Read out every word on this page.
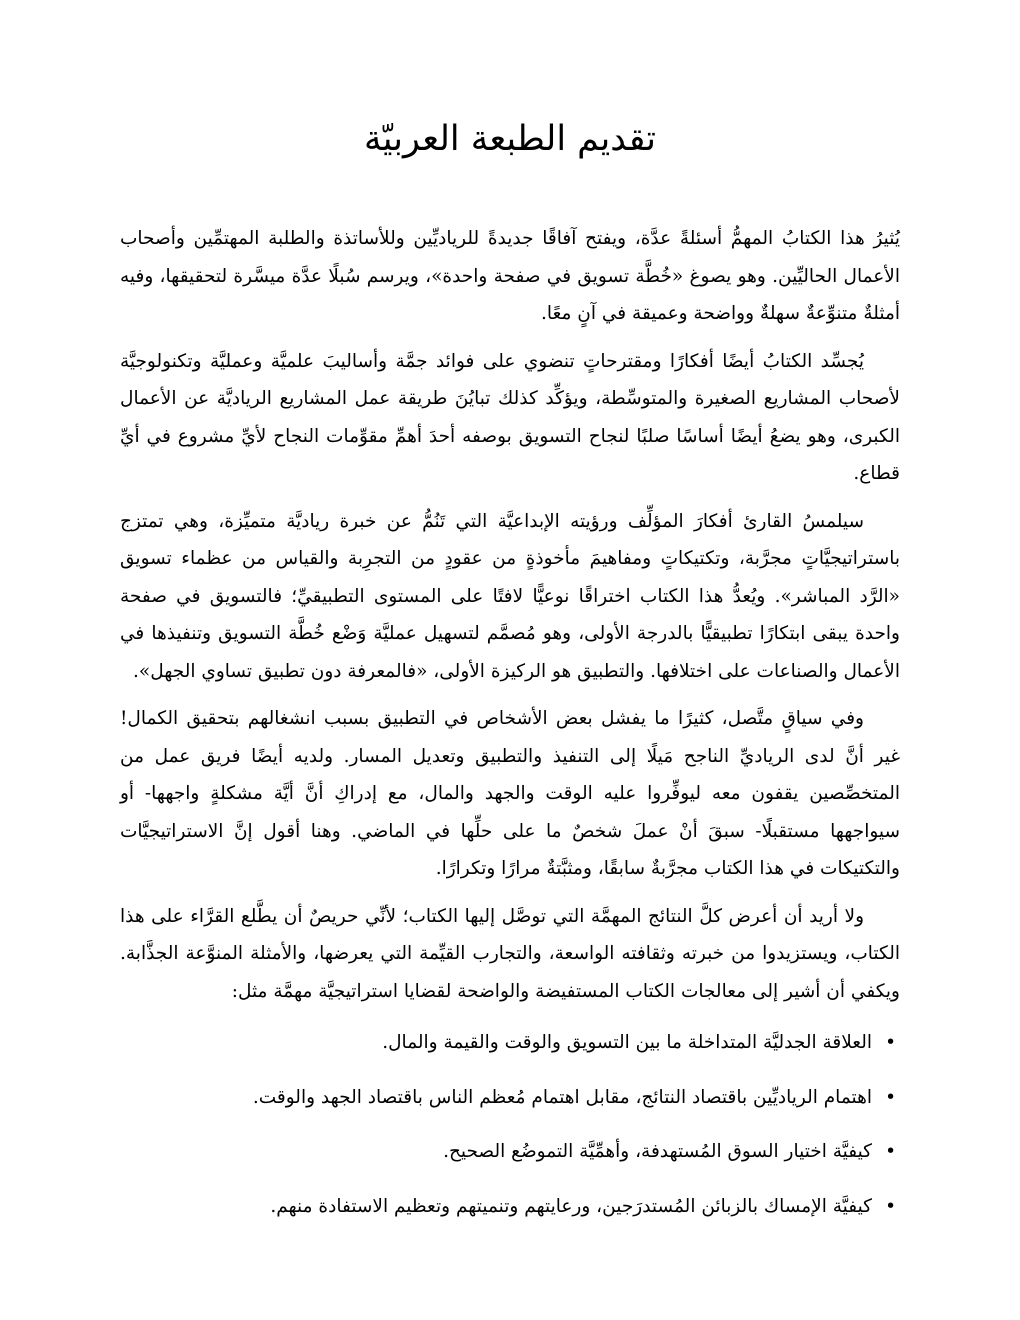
تقديم الطبعة العربيّة

يُثيرُ هذا الكتابُ المهمُّ أسئلةً عدَّة، ويفتح آفاقًا جديدةً للرياديِّين وللأساتذة والطلبة المهتمِّين وأصحاب الأعمال الحاليِّين. وهو يصوغ «خُطَّة تسويق في صفحة واحدة»، ويرسم سُبلًا عدَّة ميسَّرة لتحقيقها، وفيه أمثلةٌ متنوِّعةٌ سهلةٌ وواضحة وعميقة في آنٍ معًا.

يُجسِّد الكتابُ أيضًا أفكارًا ومقترحاتٍ تنضوي على فوائد جمَّة وأساليبَ علميَّة وعمليَّة وتكنولوجيَّة لأصحاب المشاريع الصغيرة والمتوسِّطة، ويؤكِّد كذلك تبايُنَ طريقة عمل المشاريع الرياديَّة عن الأعمال الكبرى، وهو يضعُ أيضًا أساسًا صلبًا لنجاح التسويق بوصفه أحدَ أهمِّ مقوِّمات النجاح لأيِّ مشروع في أيِّ قطاع.

سيلمسُ القارئ أفكارَ المؤلِّف ورؤيته الإبداعيَّة التي تَنُمُّ عن خبرة رياديَّة متميِّزة، وهي تمتزج باستراتيجيَّاتٍ مجرَّبة، وتكتيكاتٍ ومفاهيمَ مأخوذةٍ من عقودٍ من التجرِبة والقياس من عظماء تسويق «الرَّد المباشر». ويُعدُّ هذا الكتاب اختراقًا نوعيًّا لافتًا على المستوى التطبيقيِّ؛ فالتسويق في صفحة واحدة يبقى ابتكارًا تطبيقيًّا بالدرجة الأولى، وهو مُصمَّم لتسهيل عمليَّة وَضْع خُطَّة التسويق وتنفيذها في الأعمال والصناعات على اختلافها. والتطبيق هو الركيزة الأولى، «فالمعرفة دون تطبيق تساوي الجهل».

وفي سياقٍ متَّصل، كثيرًا ما يفشل بعض الأشخاص في التطبيق بسبب انشغالهم بتحقيق الكمال! غير أنَّ لدى الرياديِّ الناجح مَيلًا إلى التنفيذ والتطبيق وتعديل المسار. ولديه أيضًا فريق عمل من المتخصِّصين يقفون معه ليوفِّروا عليه الوقت والجهد والمال، مع إدراكِ أنَّ أيَّة مشكلةٍ واجهها- أو سيواجهها مستقبلًا- سبقَ أنْ عملَ شخصٌ ما على حلِّها في الماضي. وهنا أقول إنَّ الاستراتيجيَّات والتكتيكات في هذا الكتاب مجرَّبةٌ سابقًا، ومثبَّتةٌ مرارًا وتكرارًا.

ولا أريد أن أعرض كلَّ النتائج المهمَّة التي توصَّل إليها الكتاب؛ لأنِّي حريصٌ أن يطَّلع القرَّاء على هذا الكتاب، ويستزيدوا من خبرته وثقافته الواسعة، والتجارب القيِّمة التي يعرضها، والأمثلة المنوَّعة الجذَّابة. ويكفي أن أشير إلى معالجات الكتاب المستفيضة والواضحة لقضايا استراتيجيَّة مهمَّة مثل:

•
العلاقة الجدليَّة المتداخلة ما بين التسويق والوقت والقيمة والمال.
•
اهتمام الرياديِّين باقتصاد النتائج، مقابل اهتمام مُعظم الناس باقتصاد الجهد والوقت.
•
كيفيَّة اختيار السوق المُستهدفة، وأهمِّيَّة التموضُع الصحيح.
•
كيفيَّة الإمساك بالزبائن المُستدرَجين، ورعايتهم وتنميتهم وتعظيم الاستفادة منهم.
